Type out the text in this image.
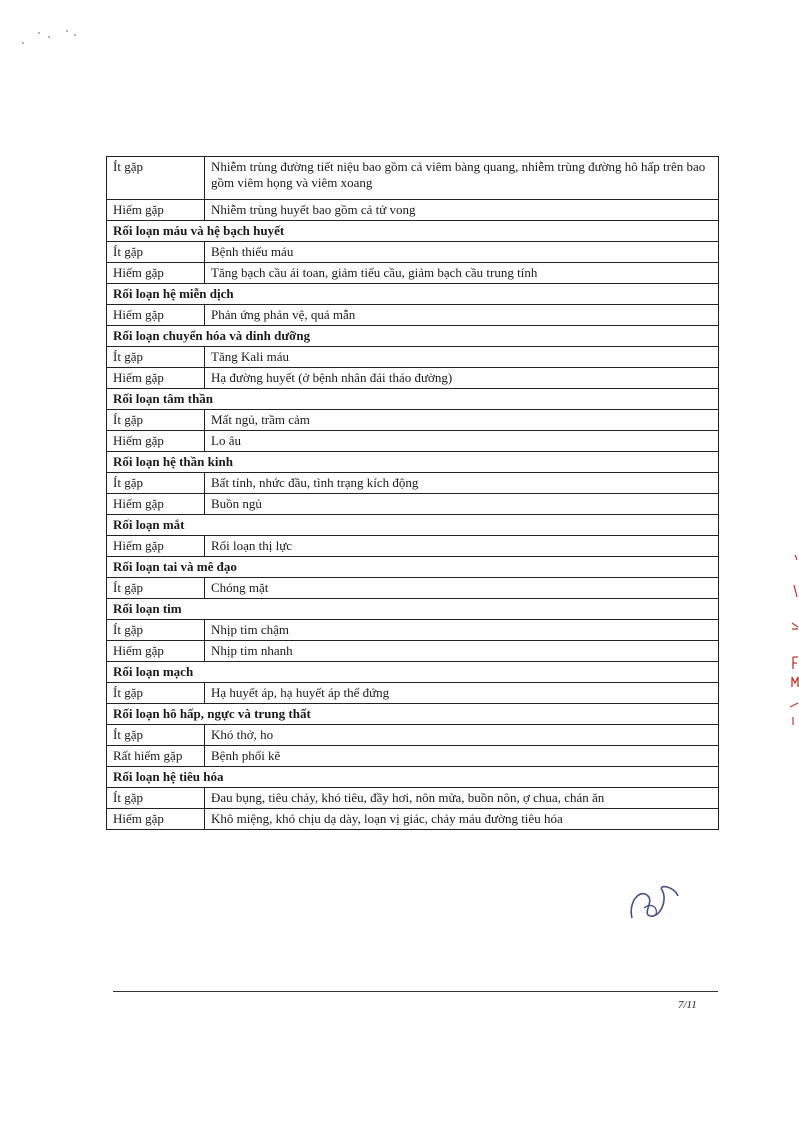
Ít gặp	Nhiễm trùng đường tiết niệu bao gồm cả viêm bàng quang, nhiễm trùng đường hô hấp trên bao gồm viêm họng và viêm xoang
Hiếm gặp	Nhiễm trùng huyết bao gồm cả tử vong
Rối loạn máu và hệ bạch huyết	
Ít gặp	Bệnh thiếu máu
Hiếm gặp	Tăng bạch cầu ái toan, giảm tiểu cầu, giảm bạch cầu trung tính
Rối loạn hệ miễn dịch	
Hiếm gặp	Phản ứng phản vệ, quá mẫn
Rối loạn chuyển hóa và dinh dưỡng	
Ít gặp	Tăng Kali máu
Hiếm gặp	Hạ đường huyết (ở bệnh nhân đái tháo đường)
Rối loạn tâm thần	
Ít gặp	Mất ngủ, trầm cảm
Hiếm gặp	Lo âu
Rối loạn hệ thần kinh	
Ít gặp	Bất tỉnh, nhức đầu, tình trạng kích động
Hiếm gặp	Buồn ngủ
Rối loạn mắt	
Hiếm gặp	Rối loạn thị lực
Rối loạn tai và mê đạo	
Ít gặp	Chóng mặt
Rối loạn tim	
Ít gặp	Nhịp tim chậm
Hiếm gặp	Nhịp tim nhanh
Rối loạn mạch	
Ít gặp	Hạ huyết áp, hạ huyết áp thế đứng
Rối loạn hô hấp, ngực và trung thất	
Ít gặp	Khó thở, ho
Rất hiếm gặp	Bệnh phổi kẽ
Rối loạn hệ tiêu hóa	
Ít gặp	Đau bụng, tiêu chảy, khó tiêu, đầy hơi, nôn mửa, buồn nôn, ợ chua, chán ăn
Hiếm gặp	Khô miệng, khó chịu dạ dày, loạn vị giác, chảy máu đường tiêu hóa
7/11
